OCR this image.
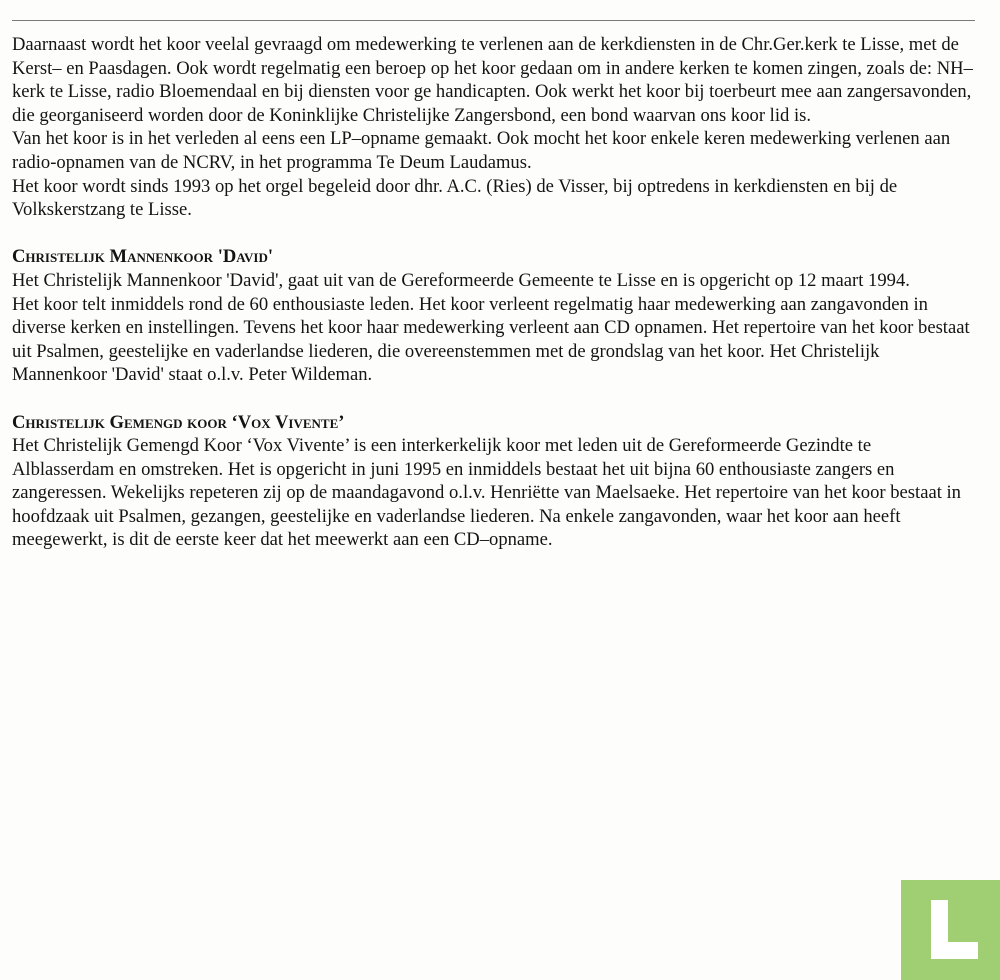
Daarnaast wordt het koor veelal gevraagd om medewerking te verlenen aan de kerkdiensten in de Chr.Ger.kerk te Lisse, met de Kerst– en Paasdagen. Ook wordt regelmatig een beroep op het koor gedaan om in andere kerken te komen zingen, zoals de: NH–kerk te Lisse, radio Bloemendaal en bij diensten voor ge handicapten. Ook werkt het koor bij toerbeurt mee aan zangersavonden, die georganiseerd worden door de Koninklijke Christelijke Zangersbond, een bond waarvan ons koor lid is.

Van het koor is in het verleden al eens een LP–opname gemaakt. Ook mocht het koor enkele keren medewerking verlenen aan radio-opnamen van de NCRV, in het programma Te Deum Laudamus.

Het koor wordt sinds 1993 op het orgel begeleid door dhr. A.C. (Ries) de Visser, bij optredens in kerkdiensten en bij de Volkskerstzang te Lisse.

Christelijk Mannenkoor 'David'

Het Christelijk Mannenkoor 'David', gaat uit van de Gereformeerde Gemeente te Lisse en is opgericht op 12 maart 1994.

Het koor telt inmiddels rond de 60 enthousiaste leden. Het koor verleent regelmatig haar medewerking aan zangavonden in diverse kerken en instellingen. Tevens het koor haar medewerking verleent aan CD opnamen. Het repertoire van het koor bestaat uit Psalmen, geestelijke en vaderlandse liederen, die overeenstemmen met de grondslag van het koor. Het Christelijk Mannenkoor 'David' staat o.l.v. Peter Wildeman.

Christelijk Gemengd koor ‘Vox Vivente’

Het Christelijk Gemengd Koor ‘Vox Vivente’ is een interkerkelijk koor met leden uit de Gereformeerde Gezindte te Alblasserdam en omstreken. Het is opgericht in juni 1995 en inmiddels bestaat het uit bijna 60 enthousiaste zangers en zangeressen. Wekelijks repeteren zij op de maandagavond o.l.v. Henriëtte van Maelsaeke. Het repertoire van het koor bestaat in hoofdzaak uit Psalmen, gezangen, geestelijke en vaderlandse liederen. Na enkele zangavonden, waar het koor aan heeft meegewerkt, is dit de eerste keer dat het meewerkt aan een CD–opname.
